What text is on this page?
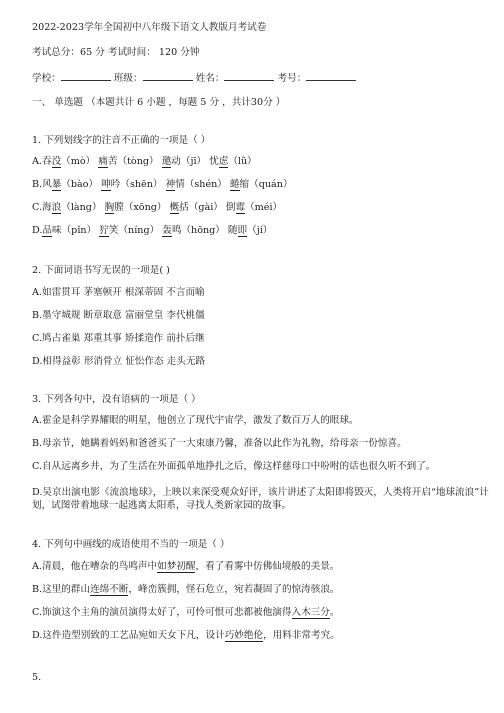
2022-2023学年全国初中八年级下语文人教版月考试卷
考试总分：65 分 考试时间： 120 分钟
学校：	班级：	姓名：	考号：
一、 单选题 （本题共计 6 小题 ，每题 5 分 ，共计30分 ）
1. 下列划线字的注音不正确的一项是（ ）
A.吞没（mò） 痛苦（tòng） 邀动（jī） 忧虑（lǜ）
B.风暴（bào） 呻吟（shēn） 神情（shén） 蜷缩（quán）
C.海浪（làng） 胸膛（xōng） 概括（gài） 倒霉（méi）
D.品味（pǐn） 狞笑（níng） 轰鸣（hōng） 随即（jí）
2. 下面词语书写无误的一项是( )
A.如雷贯耳 茅塞顿开 根深蒂固 不言而喻
B.墨守城规 断章取意 富丽堂皇 李代桃僵
C.鸠占雀巢 郑重其事 矫揉造作 前扑后继
D.相得益彰 形消骨立 怔忪作态 走头无路
3. 下列各句中，没有语病的一项是（ ）
A.霍金是科学界耀眼的明星，他创立了现代宇宙学，激发了数百万人的眼球。
B.母亲节，她瞒着妈妈和爸爸买了一大束康乃馨，准备以此作为礼物，给母亲一份惊喜。
C.自从远离乡井，为了生活在外面孤单地挣扎之后，像这样慈母口中吩咐的话也很久听不到了。
D.吴京出演电影《流浪地球》，上映以来深受观众好评，该片讲述了太阳即将毁灭，人类将开启“地球流浪”计划，试图带着地球一起逃离太阳系，寻找人类新家园的故事。
4. 下列句中画线的成语使用不当的一项是（ ）
A.清晨，他在嘈杂的鸟鸣声中如梦初醒，看了看雾中仿佛仙境般的美景。
B.这里的群山连绵不断，峰峦簇拥，怪石危立，宛若凝固了的惊涛骇浪。
C.饰演这个主角的演员演得太好了，可怜可恨可悲都被他演得入木三分。
D.这件造型别致的工艺品宛如天女下凡，设计巧妙绝伦，用料非常考究。
5.
